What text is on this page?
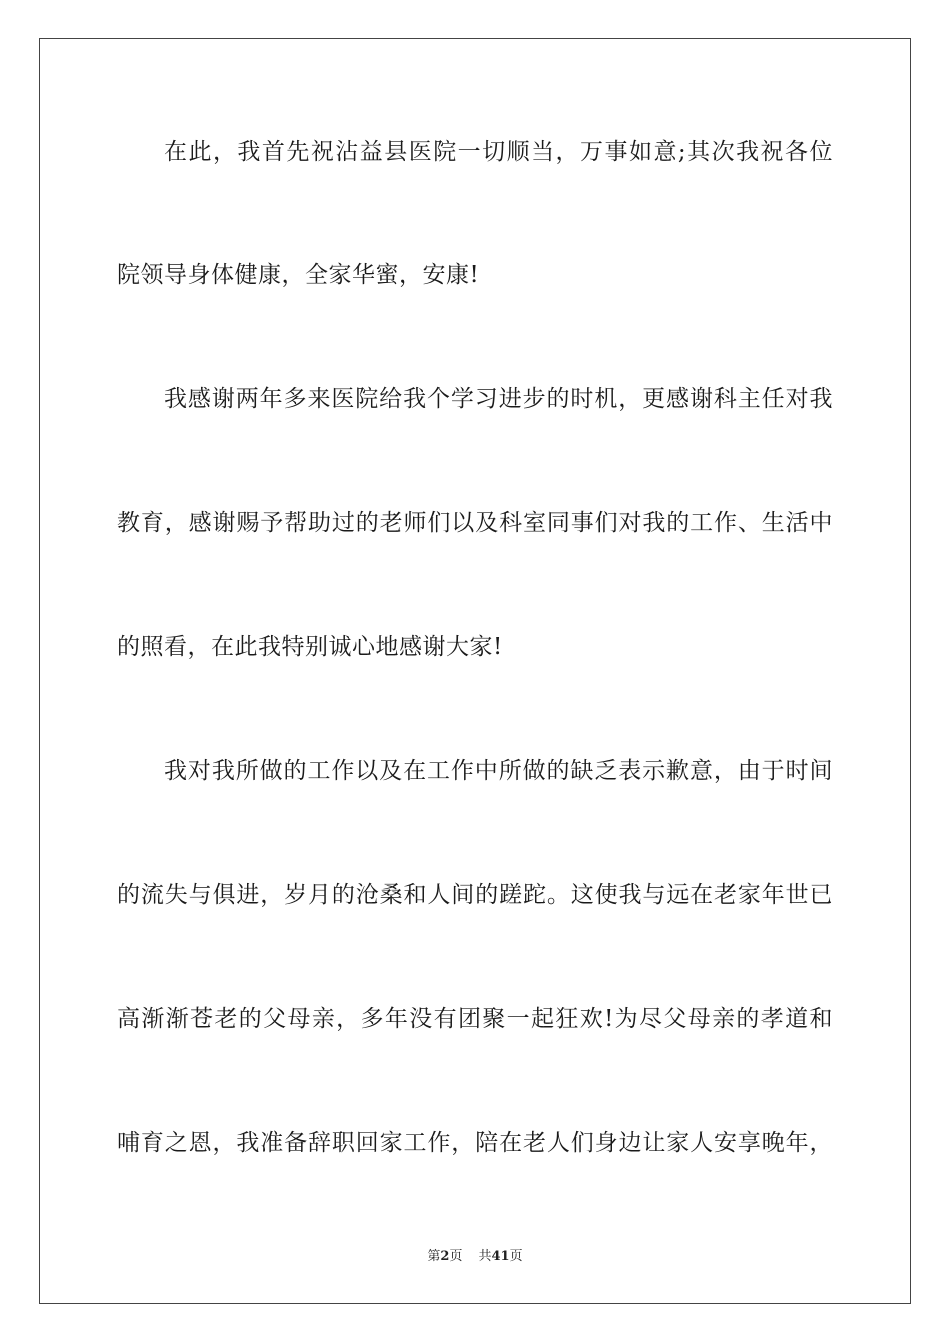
在此，我首先祝沾益县医院一切顺当，万事如意;其次我祝各位
院领导身体健康，全家华蜜，安康!
我感谢两年多来医院给我个学习进步的时机，更感谢科主任对我
教育，感谢赐予帮助过的老师们以及科室同事们对我的工作、生活中
的照看，在此我特别诚心地感谢大家!
我对我所做的工作以及在工作中所做的缺乏表示歉意，由于时间
的流失与俱进，岁月的沧桑和人间的蹉跎。这使我与远在老家年世已
高渐渐苍老的父母亲，多年没有团聚一起狂欢!为尽父母亲的孝道和
哺育之恩，我准备辞职回家工作，陪在老人们身边让家人安享晚年，
第2页 共41页
